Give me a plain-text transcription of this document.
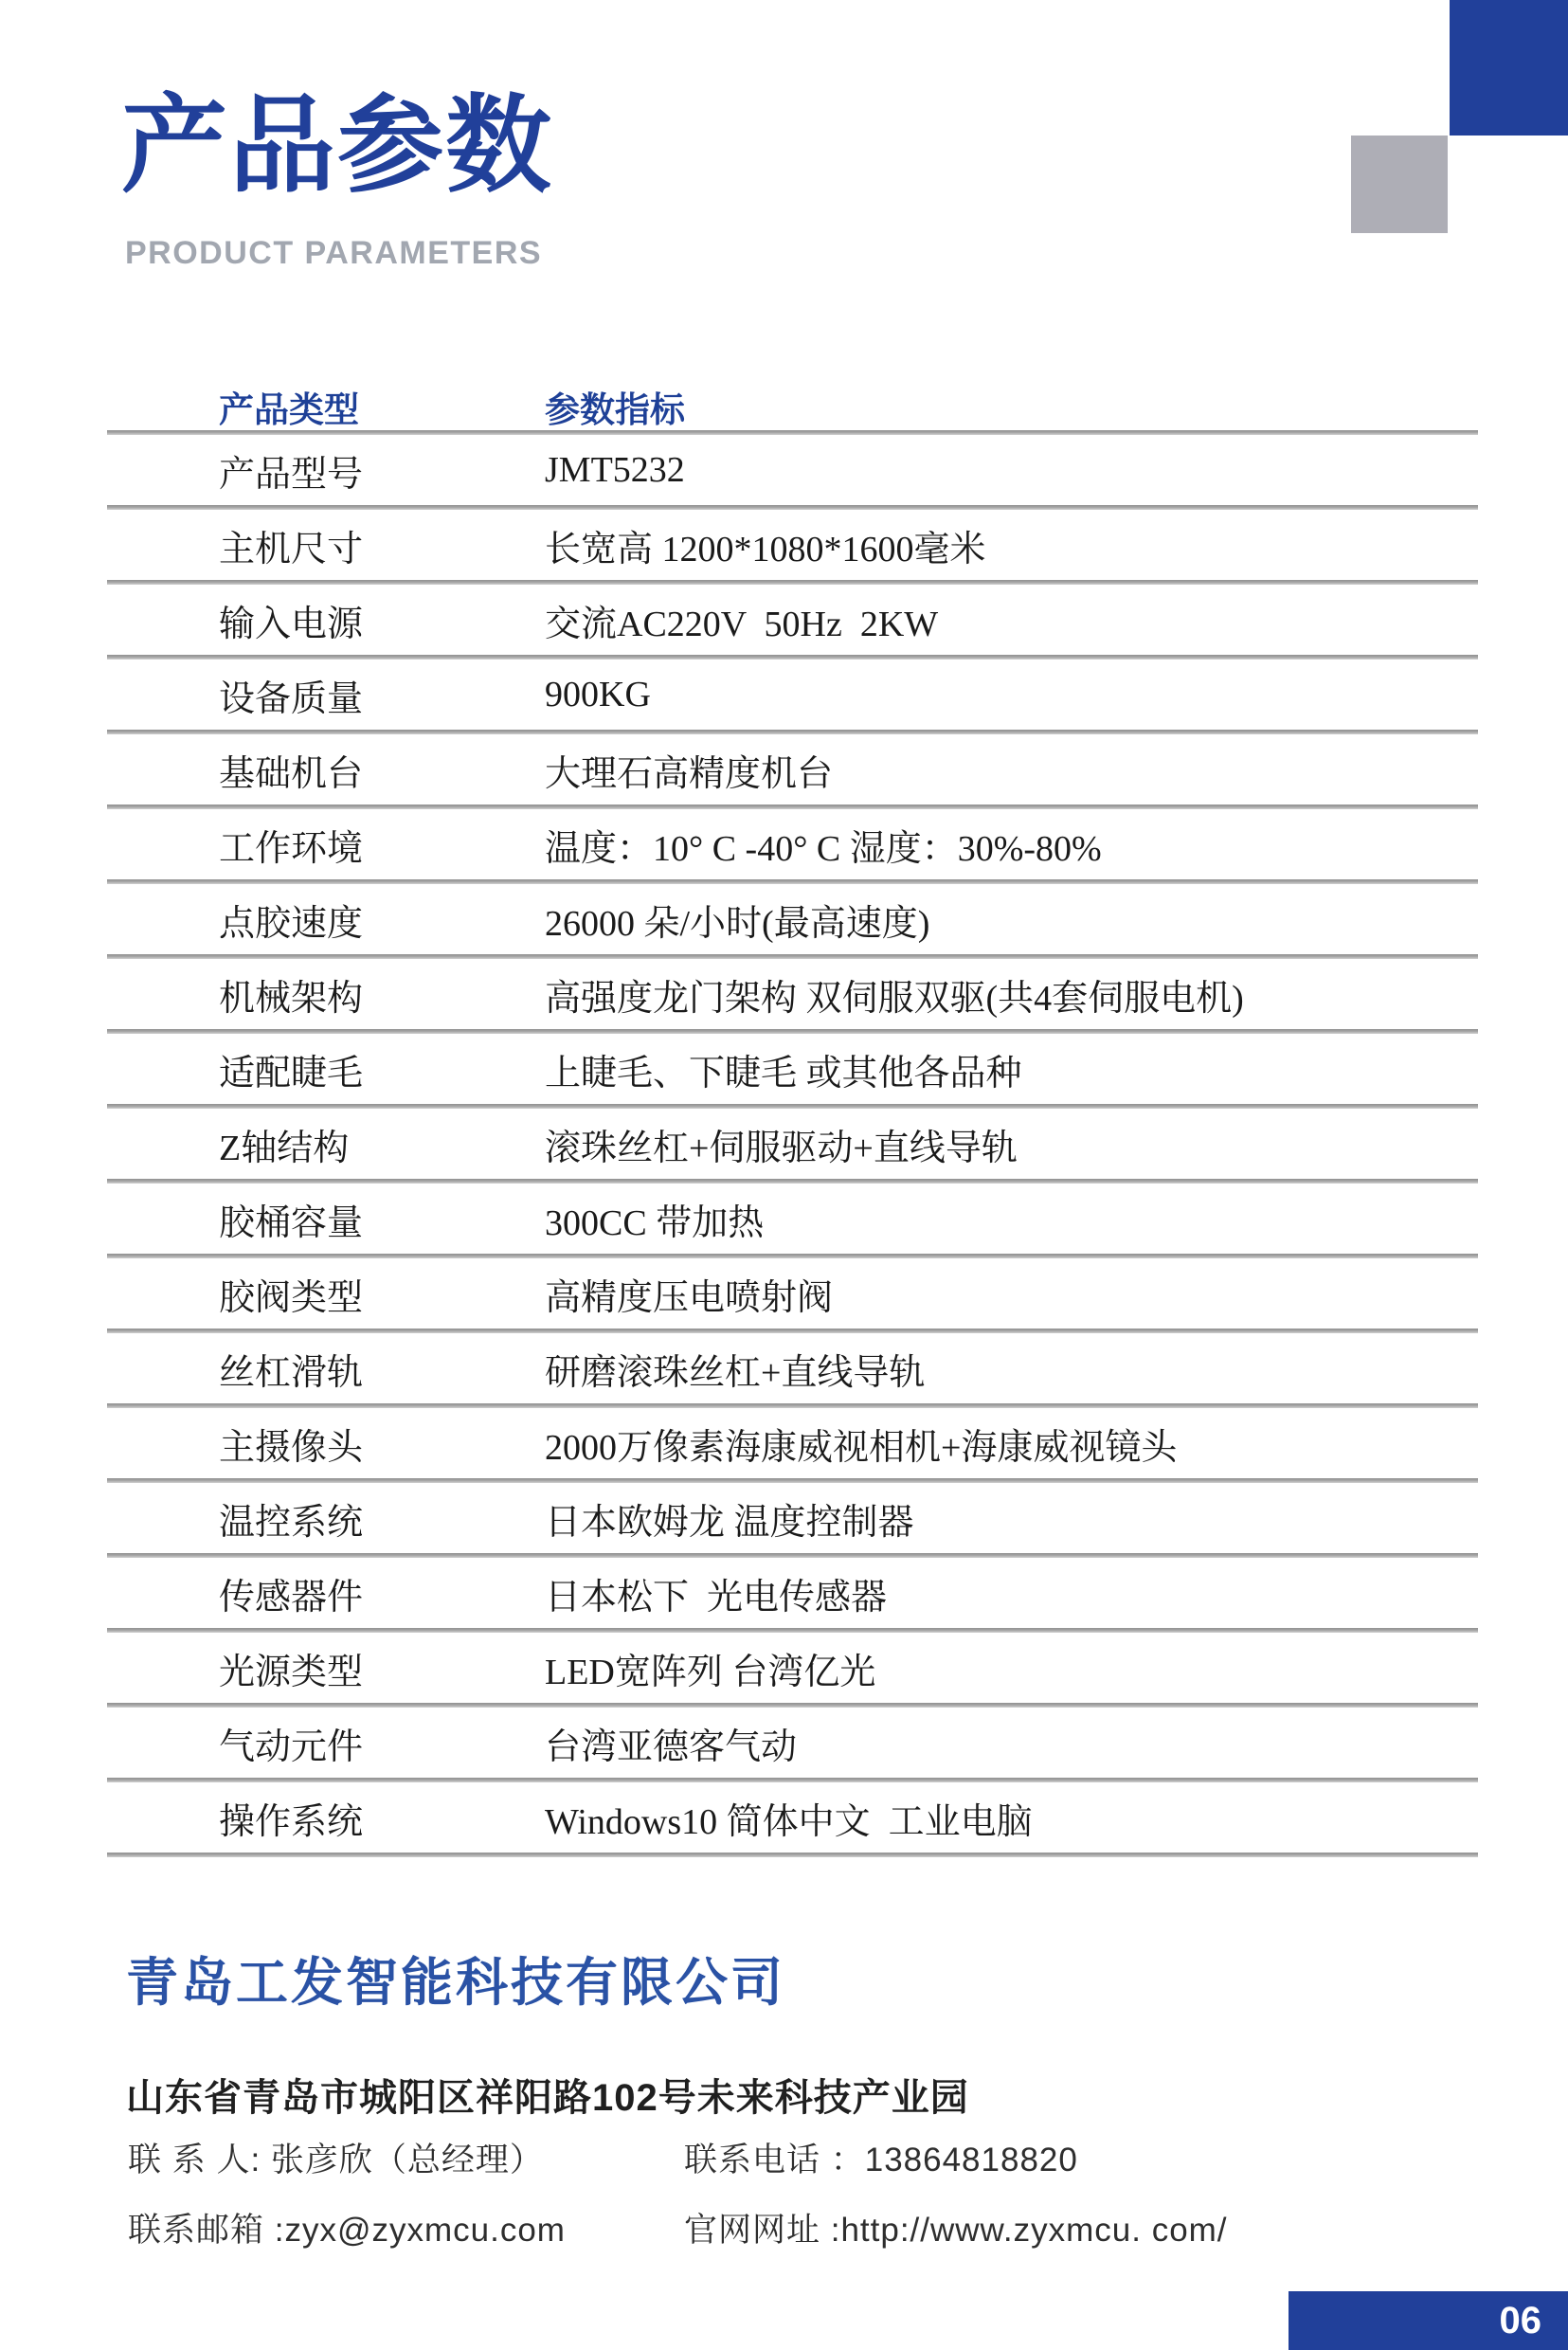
产品参数
PRODUCT PARAMETERS
产品类型	参数指标
产品型号	JMT5232
主机尺寸	长宽高 1200*1080*1600毫米
输入电源	交流AC220V  50Hz  2KW
设备质量	900KG
基础机台	大理石高精度机台
工作环境	温度：10° C -40° C 湿度：30%-80%
点胶速度	26000 朵/小时(最高速度)
机械架构	高强度龙门架构 双伺服双驱(共4套伺服电机)
适配睫毛	上睫毛、下睫毛 或其他各品种
Z轴结构	滚珠丝杠+伺服驱动+直线导轨
胶桶容量	300CC 带加热
胶阀类型	高精度压电喷射阀
丝杠滑轨	研磨滚珠丝杠+直线导轨
主摄像头	2000万像素海康威视相机+海康威视镜头
温控系统	日本欧姆龙 温度控制器
传感器件	日本松下  光电传感器
光源类型	LED宽阵列 台湾亿光
气动元件	台湾亚德客气动
操作系统	Windows10 简体中文  工业电脑
青岛工发智能科技有限公司
山东省青岛市城阳区祥阳路102号未来科技产业园
联 系 人: 张彦欣（总经理）	联系电话 ：13864818820
联系邮箱 :zyx@zyxmcu.com	官网网址 :http://www.zyxmcu. com/
06
